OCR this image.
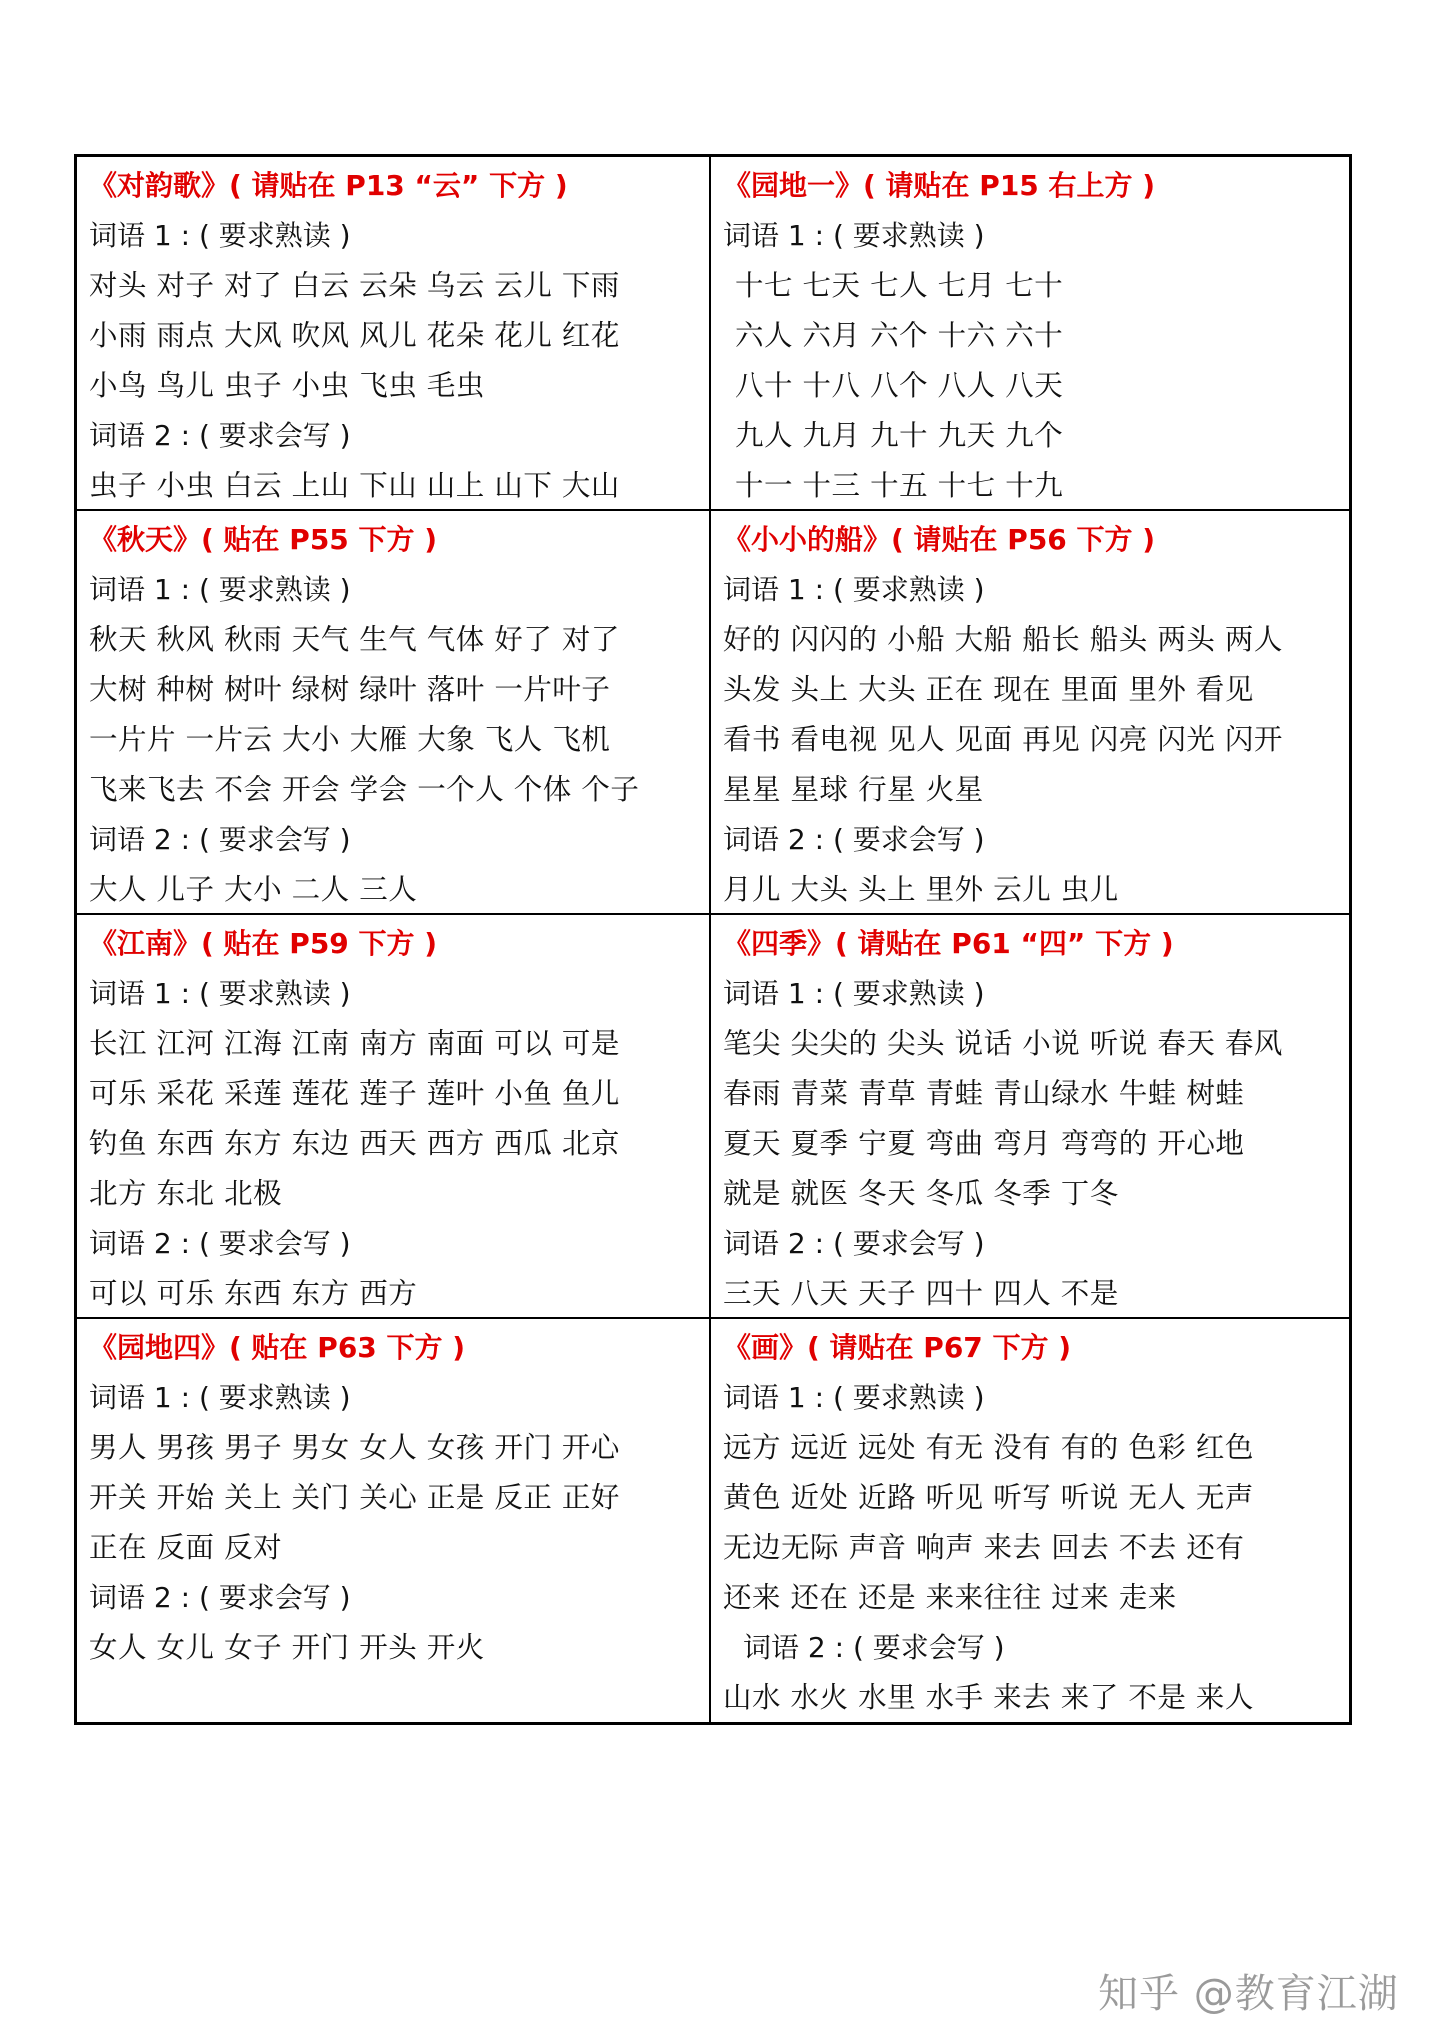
《对韵歌》( 请贴在 P13 “云” 下方 )
词语 1 : ( 要求熟读 )
对头 对子 对了 白云 云朵 乌云 云儿 下雨
小雨 雨点 大风 吹风 风儿 花朵 花儿 红花
小鸟 鸟儿 虫子 小虫 飞虫 毛虫
词语 2 : ( 要求会写 )
虫子 小虫 白云 上山 下山 山上 山下 大山
《园地一》( 请贴在 P15 右上方 )
词语 1 : ( 要求熟读 )
十七 七天 七人 七月 七十
六人 六月 六个 十六 六十
八十 十八 八个 八人 八天
九人 九月 九十 九天 九个
十一 十三 十五 十七 十九
《秋天》( 贴在 P55 下方 )
词语 1 : ( 要求熟读 )
秋天 秋风 秋雨 天气 生气 气体 好了 对了
大树 种树 树叶 绿树 绿叶 落叶 一片叶子
一片片 一片云 大小 大雁 大象 飞人 飞机
飞来飞去 不会 开会 学会 一个人 个体 个子
词语 2 : ( 要求会写 )
大人 儿子 大小 二人 三人
《小小的船》( 请贴在 P56 下方 )
词语 1 : ( 要求熟读 )
好的 闪闪的 小船 大船 船长 船头 两头 两人
头发 头上 大头 正在 现在 里面 里外 看见
看书 看电视 见人 见面 再见 闪亮 闪光 闪开
星星 星球 行星 火星
词语 2 : ( 要求会写 )
月儿 大头 头上 里外 云儿 虫儿
《江南》( 贴在 P59 下方 )
词语 1 : ( 要求熟读 )
长江 江河 江海 江南 南方 南面 可以 可是
可乐 采花 采莲 莲花 莲子 莲叶 小鱼 鱼儿
钓鱼 东西 东方 东边 西天 西方 西瓜 北京
北方 东北 北极
词语 2 : ( 要求会写 )
可以 可乐 东西 东方 西方
《四季》( 请贴在 P61 “四” 下方 )
词语 1 : ( 要求熟读 )
笔尖 尖尖的 尖头 说话 小说 听说 春天 春风
春雨 青菜 青草 青蛙 青山绿水 牛蛙 树蛙
夏天 夏季 宁夏 弯曲 弯月 弯弯的 开心地
就是 就医 冬天 冬瓜 冬季 丁冬
词语 2 : ( 要求会写 )
三天 八天 天子 四十 四人 不是
《园地四》( 贴在 P63 下方 )
词语 1 : ( 要求熟读 )
男人 男孩 男子 男女 女人 女孩 开门 开心
开关 开始 关上 关门 关心 正是 反正 正好
正在 反面 反对
词语 2 : ( 要求会写 )
女人 女儿 女子 开门 开头 开火
《画》( 请贴在 P67 下方 )
词语 1 : ( 要求熟读 )
远方 远近 远处 有无 没有 有的 色彩 红色
黄色 近处 近路 听见 听写 听说 无人 无声
无边无际 声音 响声 来去 回去 不去 还有
还来 还在 还是 来来往往 过来 走来
词语 2 : ( 要求会写 )
山水 水火 水里 水手 来去 来了 不是 来人
知乎 @教育江湖
